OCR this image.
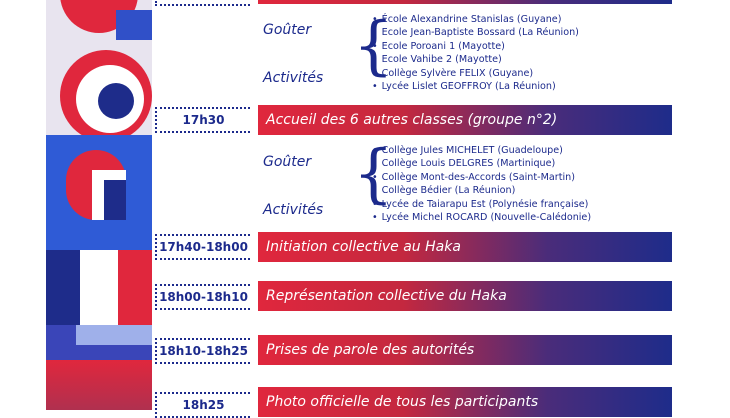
Goûter
Activités {
• École Alexandrine Stanislas (Guyane)
• Ecole Jean-Baptiste Bossard (La Réunion)
• Ecole Poroani 1 (Mayotte)
• Ecole Vahibe 2 (Mayotte)
• Collège Sylvère FELIX (Guyane)
• Lycée Lislet GEOFFROY (La Réunion)
17h30	Accueil des 6 autres classes (groupe n°2)
Goûter
Activités {
• Collège Jules MICHELET (Guadeloupe)
• Collège Louis DELGRES (Martinique)
• Collège Mont-des-Accords (Saint-Martin)
• Collège Bédier (La Réunion)
• Lycée de Taiarapu Est (Polynésie française)
• Lycée Michel ROCARD (Nouvelle-Calédonie)
17h40-18h00	Initiation collective au Haka
18h00-18h10	Représentation collective du Haka
18h10-18h25	Prises de parole des autorités
18h25	Photo officielle de tous les participants
